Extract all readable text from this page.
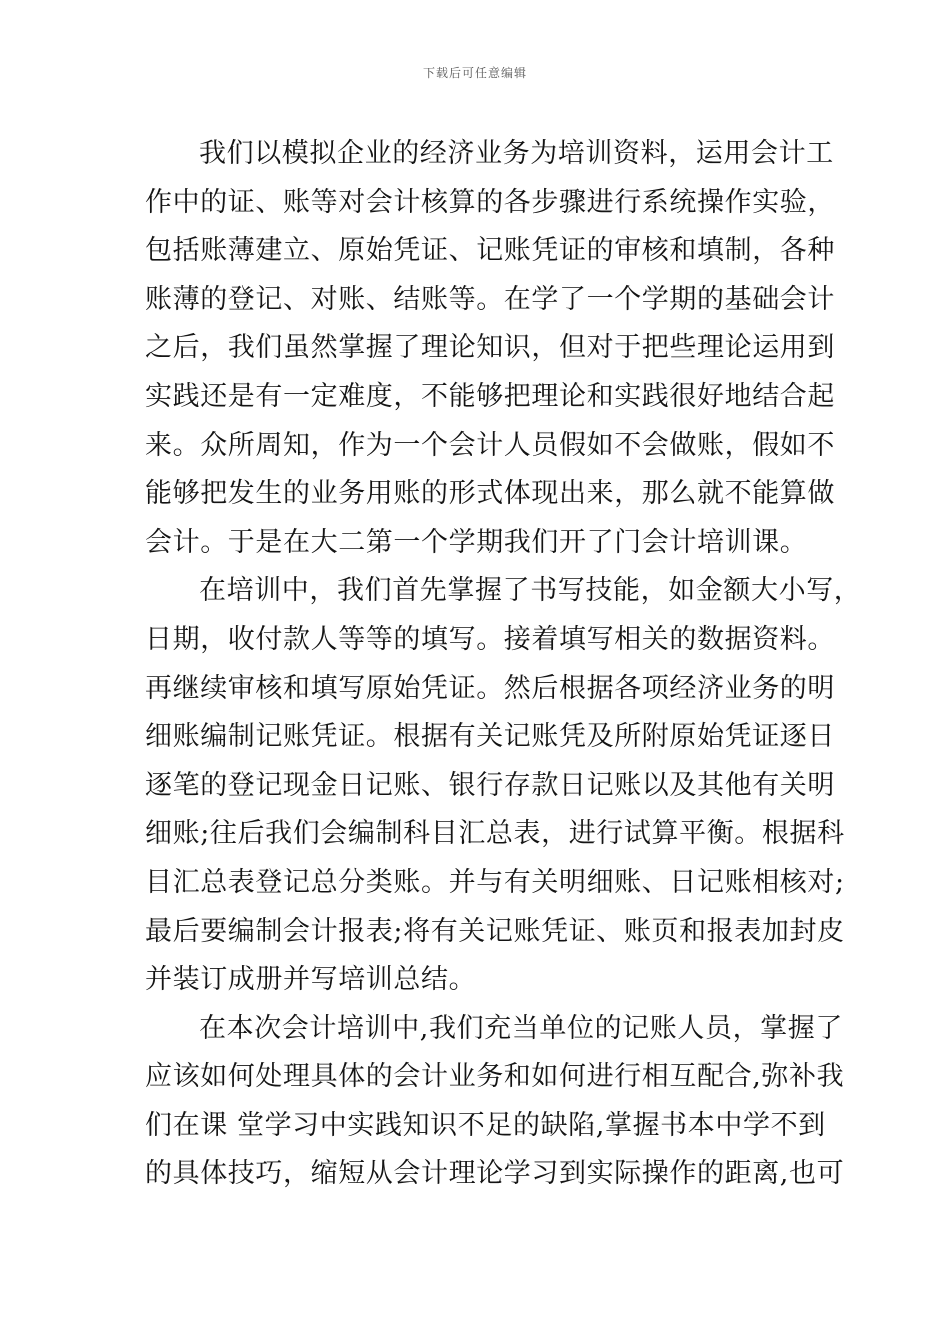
下载后可任意编辑
我们以模拟企业的经济业务为培训资料，运用会计工
作中的证、账等对会计核算的各步骤进行系统操作实验，
包括账薄建立、原始凭证、记账凭证的审核和填制，各种
账薄的登记、对账、结账等。在学了一个学期的基础会计
之后，我们虽然掌握了理论知识，但对于把些理论运用到
实践还是有一定难度，不能够把理论和实践很好地结合起
来。众所周知，作为一个会计人员假如不会做账，假如不
能够把发生的业务用账的形式体现出来，那么就不能算做
会计。于是在大二第一个学期我们开了门会计培训课。
在培训中，我们首先掌握了书写技能，如金额大小写，
日期，收付款人等等的填写。接着填写相关的数据资料。
再继续审核和填写原始凭证。然后根据各项经济业务的明
细账编制记账凭证。根据有关记账凭及所附原始凭证逐日
逐笔的登记现金日记账、银行存款日记账以及其他有关明
细账;往后我们会编制科目汇总表，进行试算平衡。根据科
目汇总表登记总分类账。并与有关明细账、日记账相核对;
最后要编制会计报表;将有关记账凭证、账页和报表加封皮
并装订成册并写培训总结。
在本次会计培训中,我们充当单位的记账人员，掌握了
应该如何处理具体的会计业务和如何进行相互配合,弥补我
们在课 堂学习中实践知识不足的缺陷,掌握书本中学不到
的具体技巧，缩短从会计理论学习到实际操作的距离,也可
